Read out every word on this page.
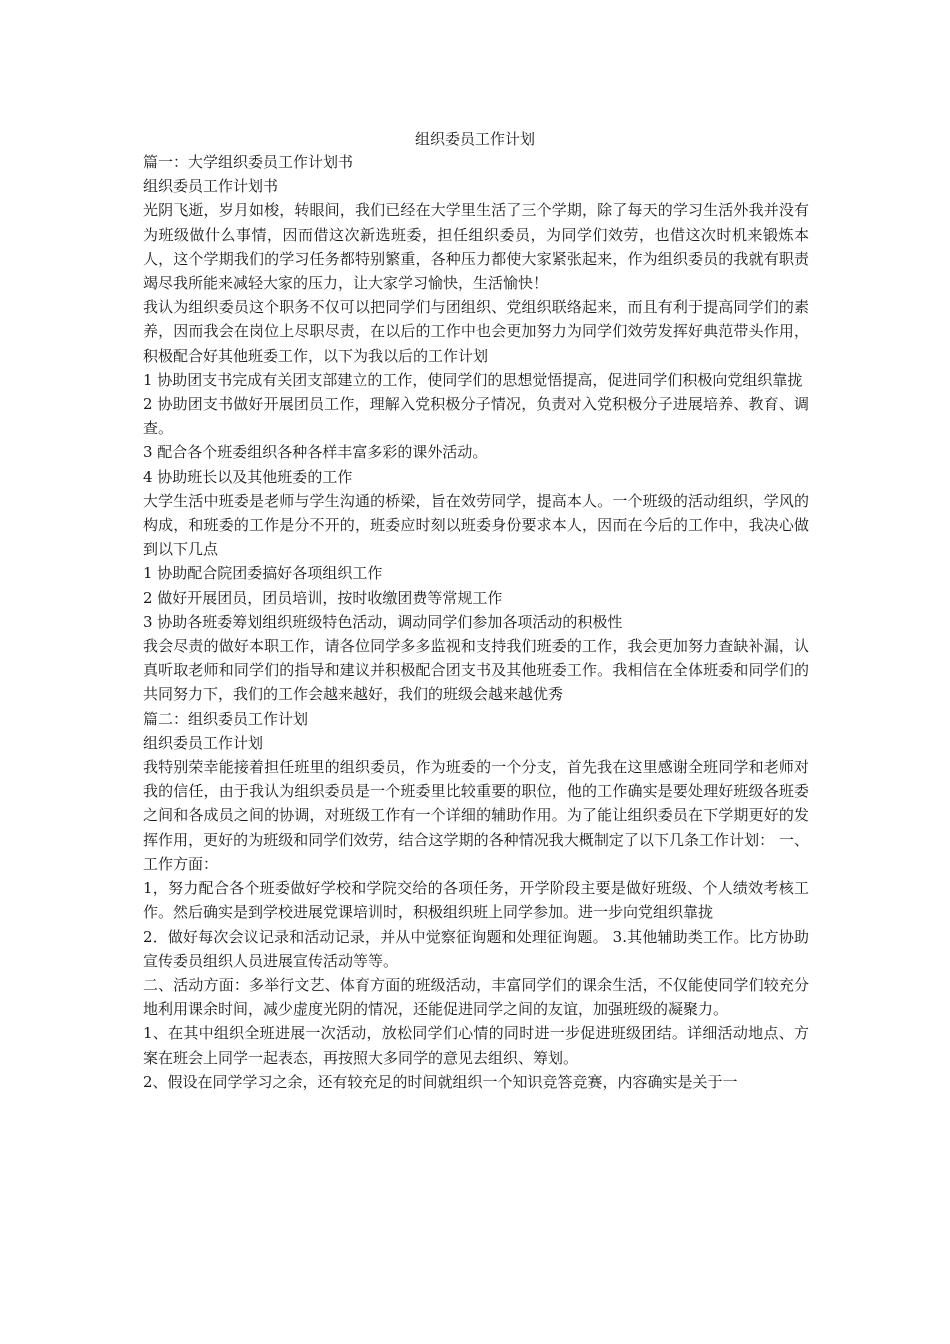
组织委员工作计划

篇一：大学组织委员工作计划书

组织委员工作计划书

光阴飞逝，岁月如梭，转眼间，我们已经在大学里生活了三个学期，除了每天的学习生活外我并没有为班级做什么事情，因而借这次新选班委，担任组织委员，为同学们效劳，也借这次时机来锻炼本人，这个学期我们的学习任务都特别繁重，各种压力都使大家紧张起来，作为组织委员的我就有职责竭尽我所能来减轻大家的压力，让大家学习愉快，生活愉快！

我认为组织委员这个职务不仅可以把同学们与团组织、党组织联络起来，而且有利于提高同学们的素养，因而我会在岗位上尽职尽责，在以后的工作中也会更加努力为同学们效劳发挥好典范带头作用，积极配合好其他班委工作，以下为我以后的工作计划

1 协助团支书完成有关团支部建立的工作，使同学们的思想觉悟提高，促进同学们积极向党组织靠拢

2 协助团支书做好开展团员工作，理解入党积极分子情况，负责对入党积极分子进展培养、教育、调查。

3 配合各个班委组织各种各样丰富多彩的课外活动。

4 协助班长以及其他班委的工作

大学生活中班委是老师与学生沟通的桥梁，旨在效劳同学，提高本人。一个班级的活动组织，学风的构成，和班委的工作是分不开的，班委应时刻以班委身份要求本人，因而在今后的工作中，我决心做到以下几点

1 协助配合院团委搞好各项组织工作

2 做好开展团员，团员培训，按时收缴团费等常规工作

3 协助各班委筹划组织班级特色活动，调动同学们参加各项活动的积极性

我会尽责的做好本职工作，请各位同学多多监视和支持我们班委的工作，我会更加努力查缺补漏，认真听取老师和同学们的指导和建议并积极配合团支书及其他班委工作。我相信在全体班委和同学们的共同努力下，我们的工作会越来越好，我们的班级会越来越优秀

篇二：组织委员工作计划

组织委员工作计划

我特别荣幸能接着担任班里的组织委员，作为班委的一个分支，首先我在这里感谢全班同学和老师对我的信任，由于我认为组织委员是一个班委里比较重要的职位，他的工作确实是要处理好班级各班委之间和各成员之间的协调，对班级工作有一个详细的辅助作用。为了能让组织委员在下学期更好的发挥作用，更好的为班级和同学们效劳，结合这学期的各种情况我大概制定了以下几条工作计划： 一、工作方面：

1，努力配合各个班委做好学校和学院交给的各项任务，开学阶段主要是做好班级、个人绩效考核工作。然后确实是到学校进展党课培训时，积极组织班上同学参加。进一步向党组织靠拢

2．做好每次会议记录和活动记录，并从中觉察征询题和处理征询题。 3.其他辅助类工作。比方协助宣传委员组织人员进展宣传活动等等。

二、活动方面：多举行文艺、体育方面的班级活动，丰富同学们的课余生活，不仅能使同学们较充分地利用课余时间，减少虚度光阴的情况，还能促进同学之间的友谊，加强班级的凝聚力。

1、在其中组织全班进展一次活动，放松同学们心情的同时进一步促进班级团结。详细活动地点、方案在班会上同学一起表态，再按照大多同学的意见去组织、筹划。

2、假设在同学学习之余，还有较充足的时间就组织一个知识竞答竞赛，内容确实是关于一
